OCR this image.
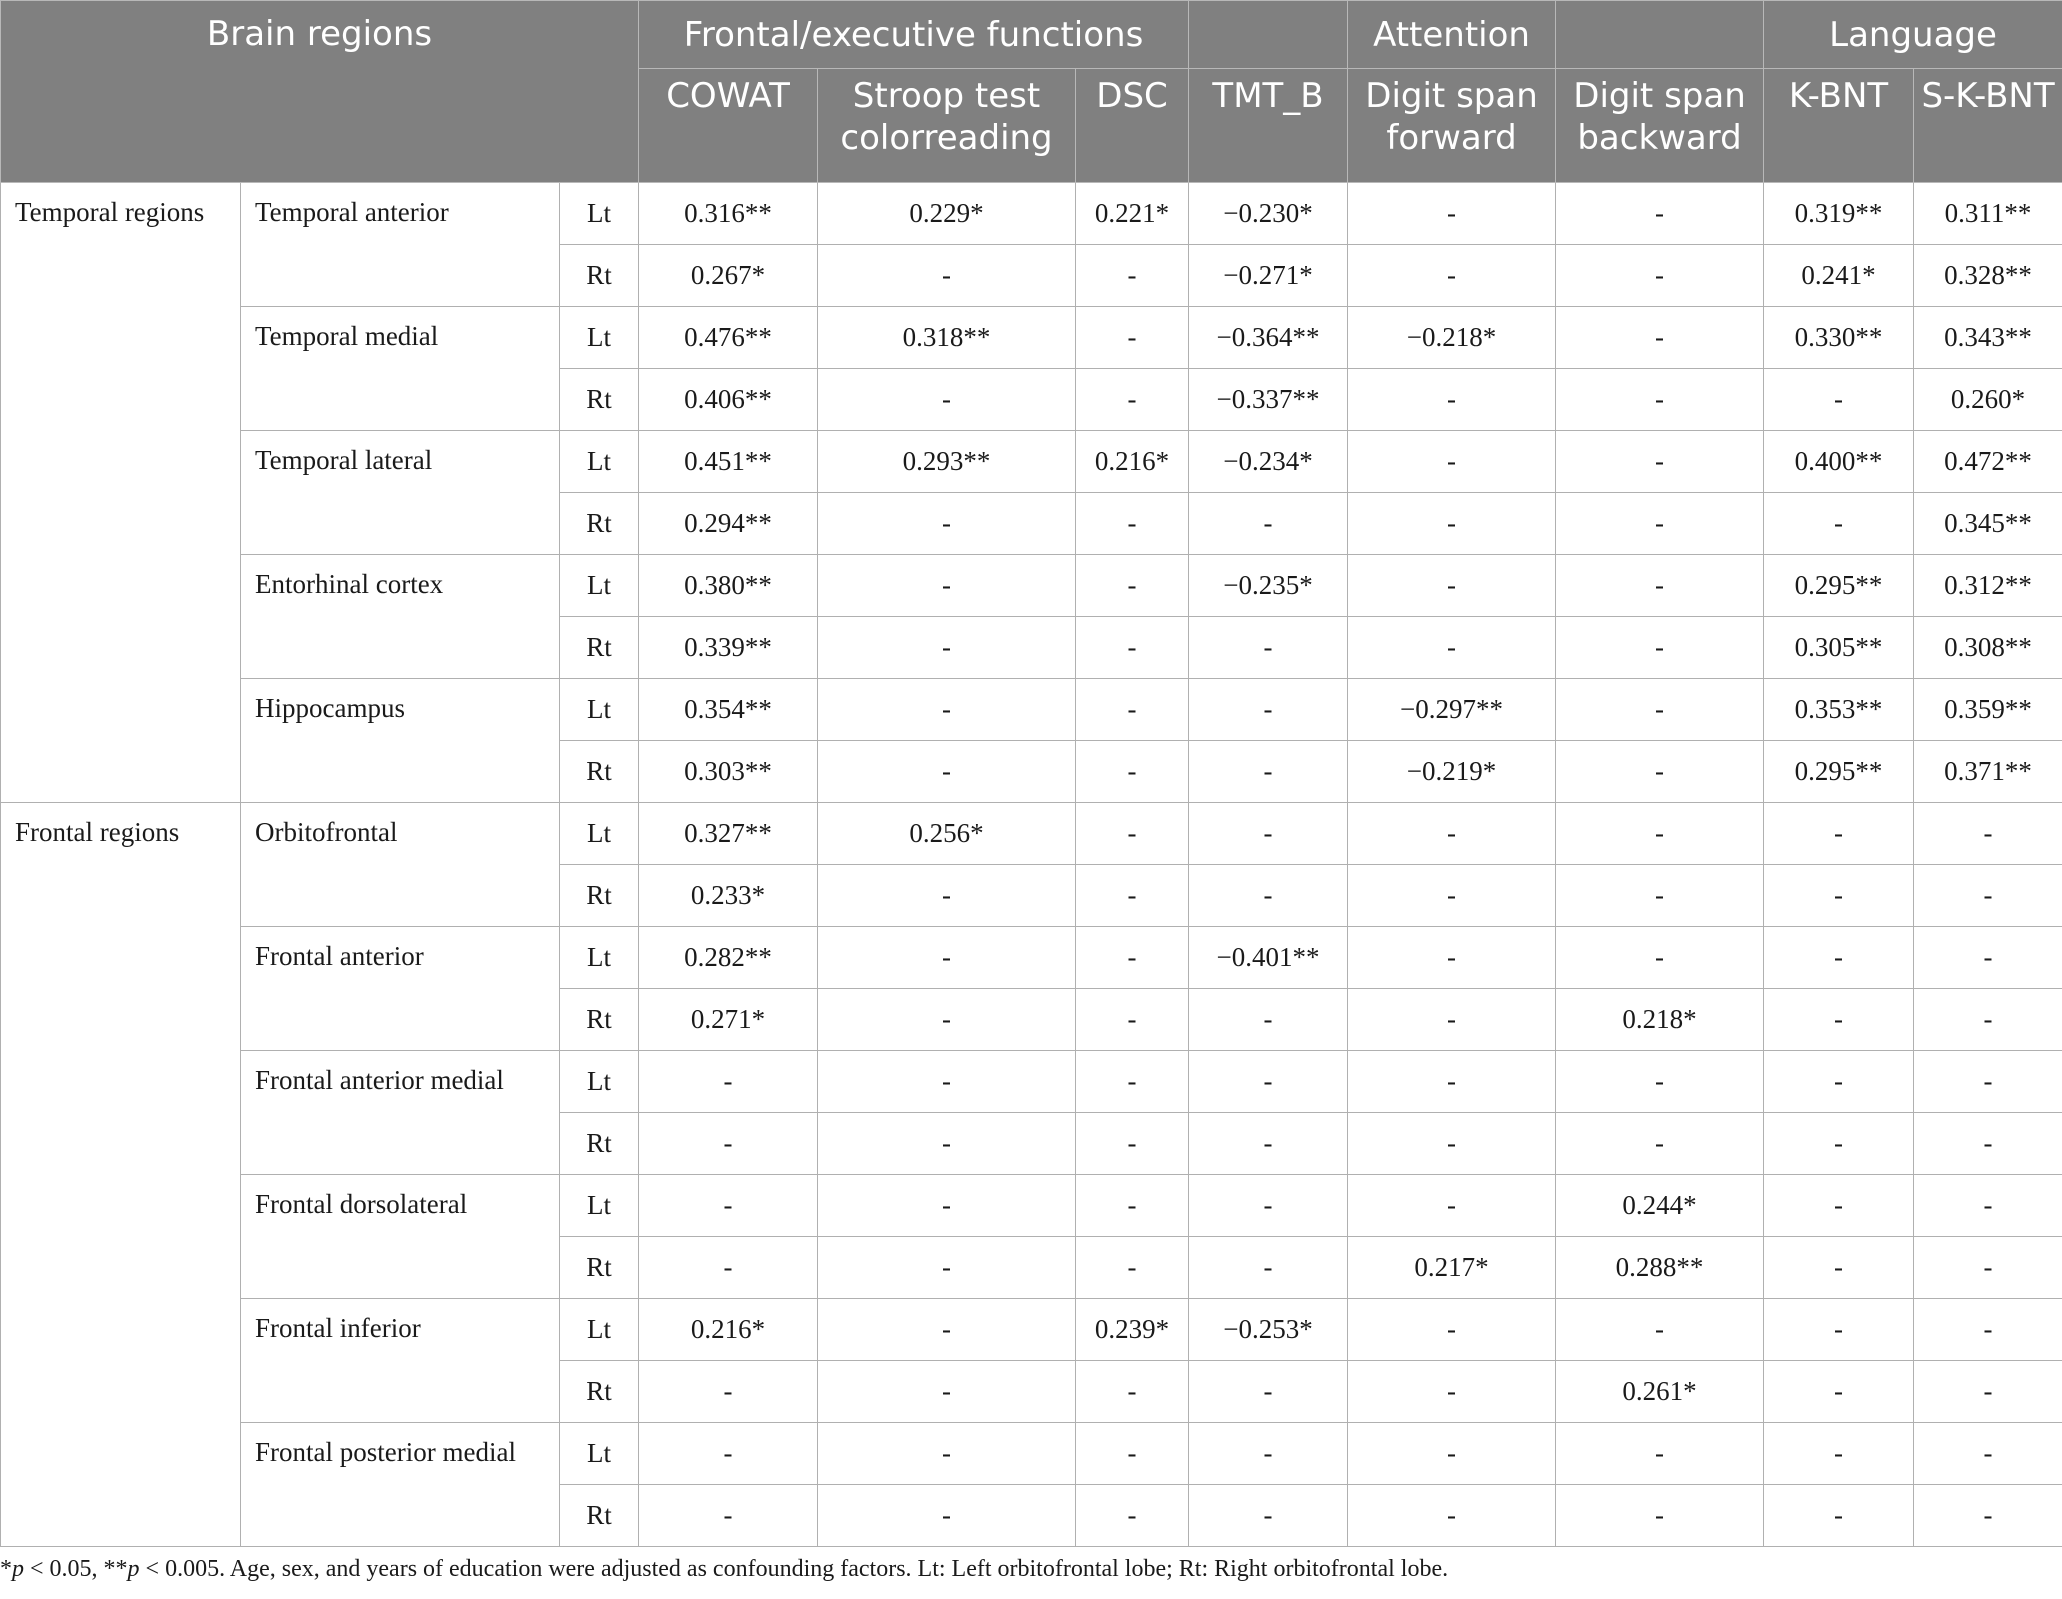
Brain regions			Frontal/executive functions				Attention		Language	
			COWAT	Stroop test colorreading	DSC	TMT_B	Digit span forward	Digit span backward	K-BNT	S-K-BNT
Temporal regions	Temporal anterior	Lt	0.316**	0.229*	0.221*	−0.230*	-	-	0.319**	0.311**
		Rt	0.267*	-	-	−0.271*	-	-	0.241*	0.328**
	Temporal medial	Lt	0.476**	0.318**	-	−0.364**	−0.218*	-	0.330**	0.343**
		Rt	0.406**	-	-	−0.337**	-	-	-	0.260*
	Temporal lateral	Lt	0.451**	0.293**	0.216*	−0.234*	-	-	0.400**	0.472**
		Rt	0.294**	-	-	-	-	-	-	0.345**
	Entorhinal cortex	Lt	0.380**	-	-	−0.235*	-	-	0.295**	0.312**
		Rt	0.339**	-	-	-	-	-	0.305**	0.308**
	Hippocampus	Lt	0.354**	-	-	-	−0.297**	-	0.353**	0.359**
		Rt	0.303**	-	-	-	−0.219*	-	0.295**	0.371**
Frontal regions	Orbitofrontal	Lt	0.327**	0.256*	-	-	-	-	-	-
		Rt	0.233*	-	-	-	-	-	-	-
	Frontal anterior	Lt	0.282**	-	-	−0.401**	-	-	-	-
		Rt	0.271*	-	-	-	-	0.218*	-	-
	Frontal anterior medial	Lt	-	-	-	-	-	-	-	-
		Rt	-	-	-	-	-	-	-	-
	Frontal dorsolateral	Lt	-	-	-	-	-	0.244*	-	-
		Rt	-	-	-	-	0.217*	0.288**	-	-
	Frontal inferior	Lt	0.216*	-	0.239*	−0.253*	-	-	-	-
		Rt	-	-	-	-	-	0.261*	-	-
	Frontal posterior medial	Lt	-	-	-	-	-	-	-	-
		Rt	-	-	-	-	-	-	-	-
*p < 0.05, **p < 0.005. Age, sex, and years of education were adjusted as confounding factors. Lt: Left orbitofrontal lobe; Rt: Right orbitofrontal lobe.
